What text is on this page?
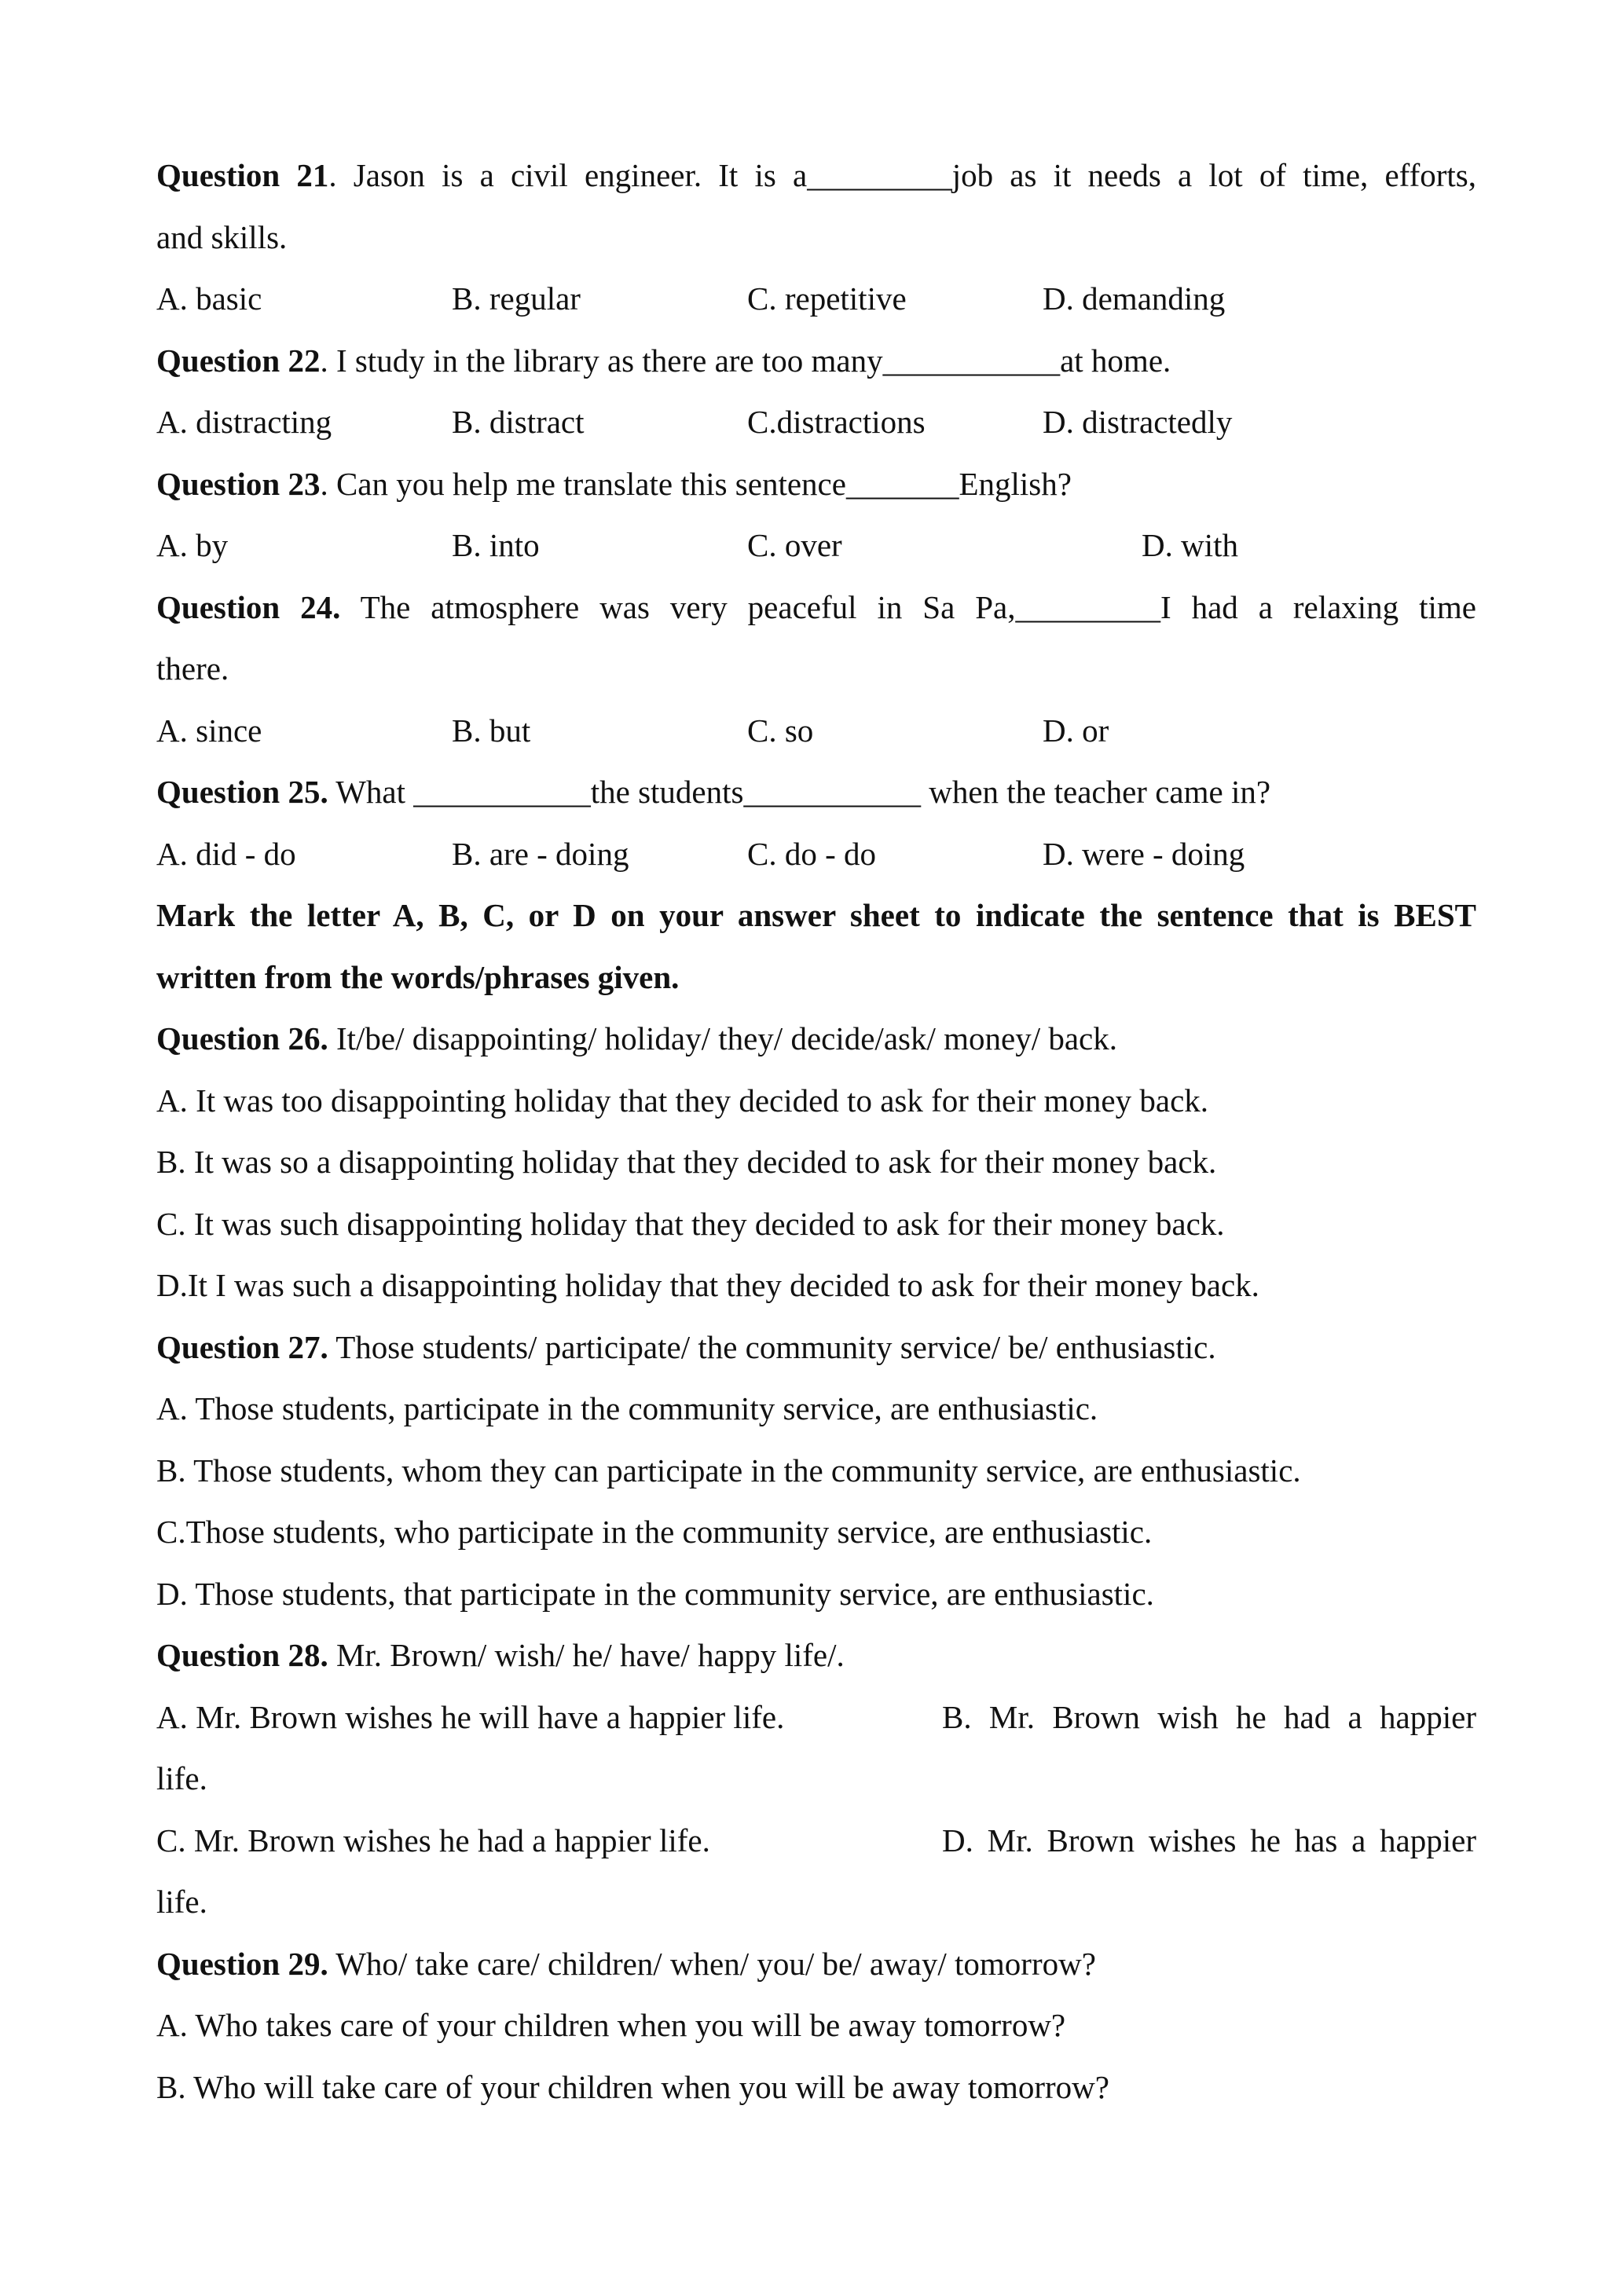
Question 21. Jason is a civil engineer. It is a_________job as it needs a lot of time, efforts,
and skills.
A. basic	B. regular	C. repetitive	D. demanding
Question 22. I study in the library as there are too many___________at home.
A. distracting	B. distract	C.distractions	D. distractedly
Question 23. Can you help me translate this sentence_______English?
A. by	B. into	C. over	D. with
Question 24. The atmosphere was very peaceful in Sa Pa,_________I had a relaxing time
there.
A. since	B. but	C. so	D. or
Question 25. What ___________the students___________ when the teacher came in?
A. did - do	B. are - doing	C. do - do	D. were - doing
Mark the letter A, B, C, or D on your answer sheet to indicate the sentence that is BEST
written from the words/phrases given.
Question 26. It/be/ disappointing/ holiday/ they/ decide/ask/ money/ back.
A. It was too disappointing holiday that they decided to ask for their money back.
B. It was so a disappointing holiday that they decided to ask for their money back.
C. It was such disappointing holiday that they decided to ask for their money back.
D.It I was such a disappointing holiday that they decided to ask for their money back.
Question 27. Those students/ participate/ the community service/ be/ enthusiastic.
A. Those students, participate in the community service, are enthusiastic.
B. Those students, whom they can participate in the community service, are enthusiastic.
C.Those students, who participate in the community service, are enthusiastic.
D. Those students, that participate in the community service, are enthusiastic.
Question 28. Mr. Brown/ wish/ he/ have/ happy life/.
A. Mr. Brown wishes he will have a happier life.	B. Mr. Brown wish he had a happier
life.
C. Mr. Brown wishes he had a happier life.	D. Mr. Brown wishes he has a happier
life.
Question 29. Who/ take care/ children/ when/ you/ be/ away/ tomorrow?
A. Who takes care of your children when you will be away tomorrow?
B. Who will take care of your children when you will be away tomorrow?
